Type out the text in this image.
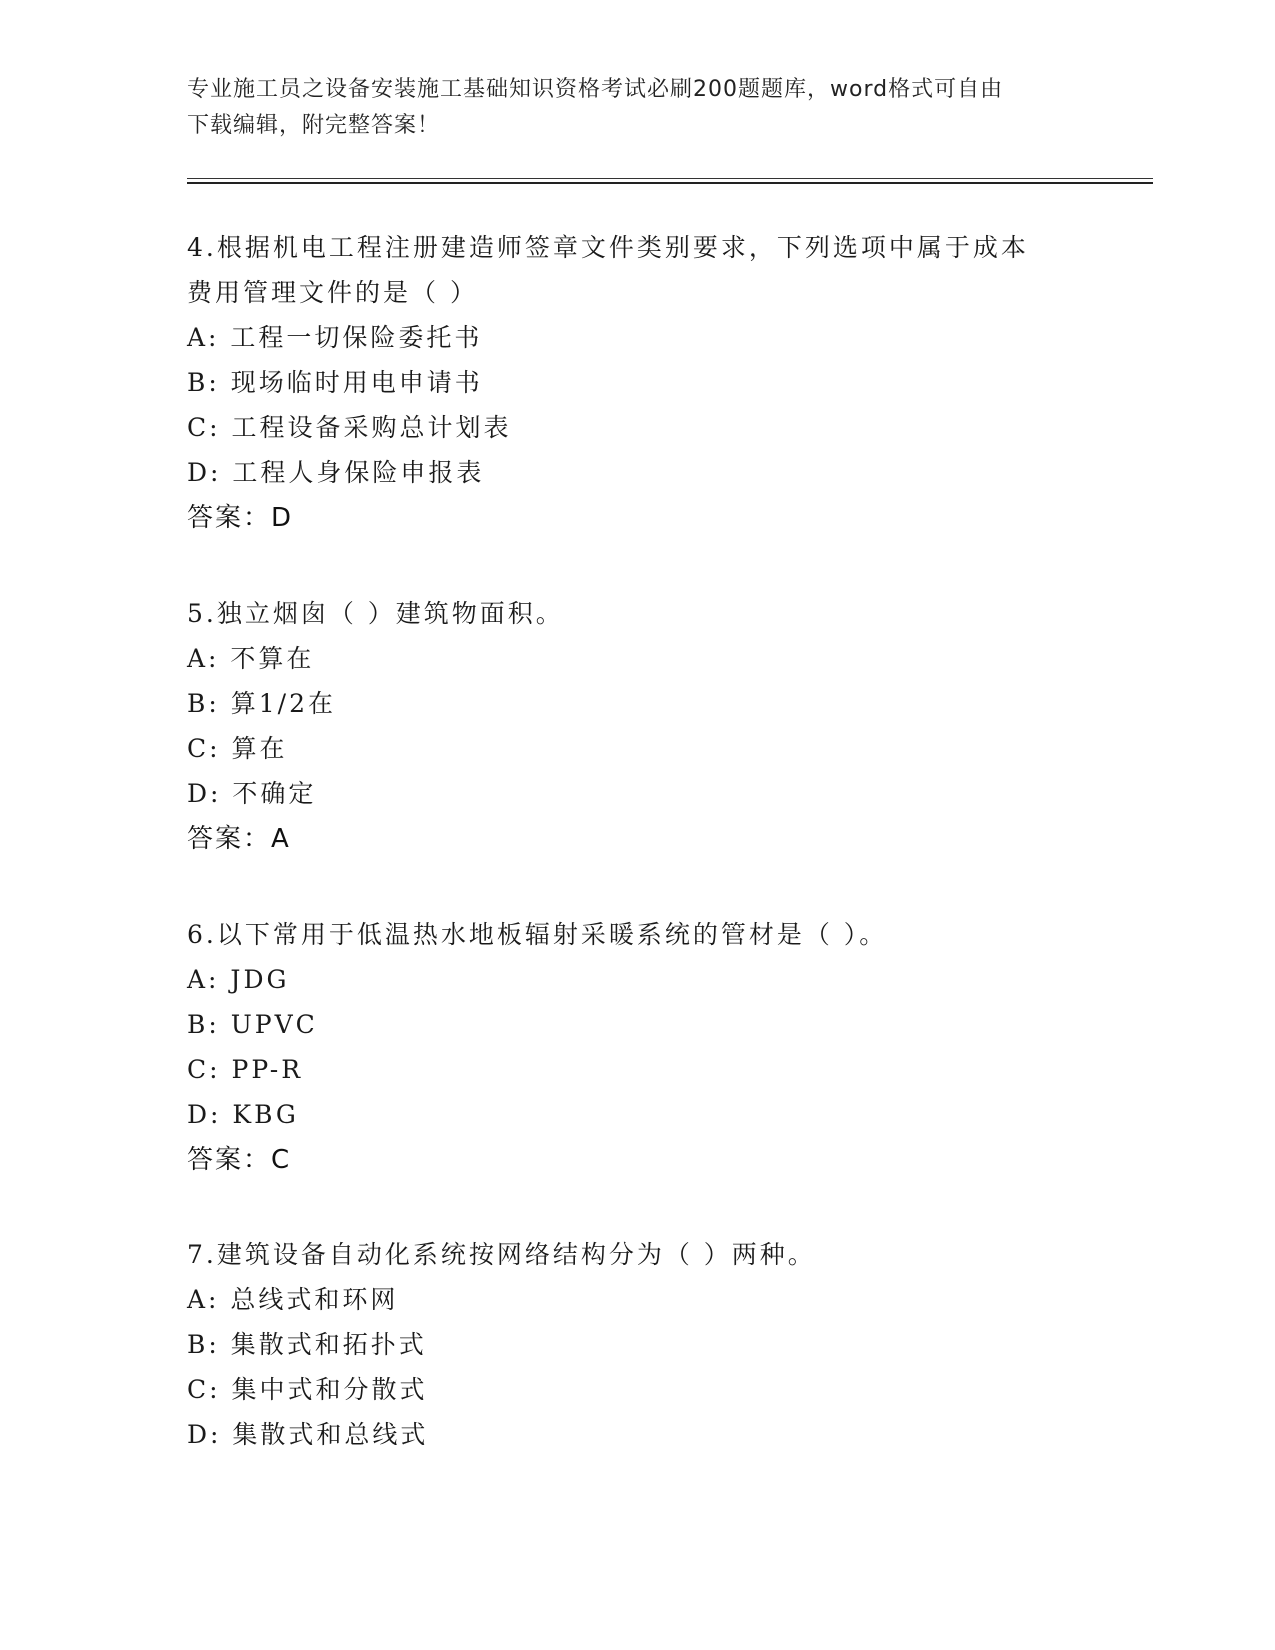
专业施工员之设备安装施工基础知识资格考试必刷200题题库，word格式可自由
下载编辑，附完整答案！
4.根据机电工程注册建造师签章文件类别要求，下列选项中属于成本
费用管理文件的是（ ）
A: 工程一切保险委托书
B: 现场临时用电申请书
C: 工程设备采购总计划表
D: 工程人身保险申报表
答案：D
5.独立烟囱（ ）建筑物面积。
A: 不算在
B: 算1/2在
C: 算在
D: 不确定
答案：A
6.以下常用于低温热水地板辐射采暖系统的管材是（ ）。
A: JDG
B: UPVC
C: PP-R
D: KBG
答案：C
7.建筑设备自动化系统按网络结构分为（ ）两种。
A: 总线式和环网
B: 集散式和拓扑式
C: 集中式和分散式
D: 集散式和总线式
